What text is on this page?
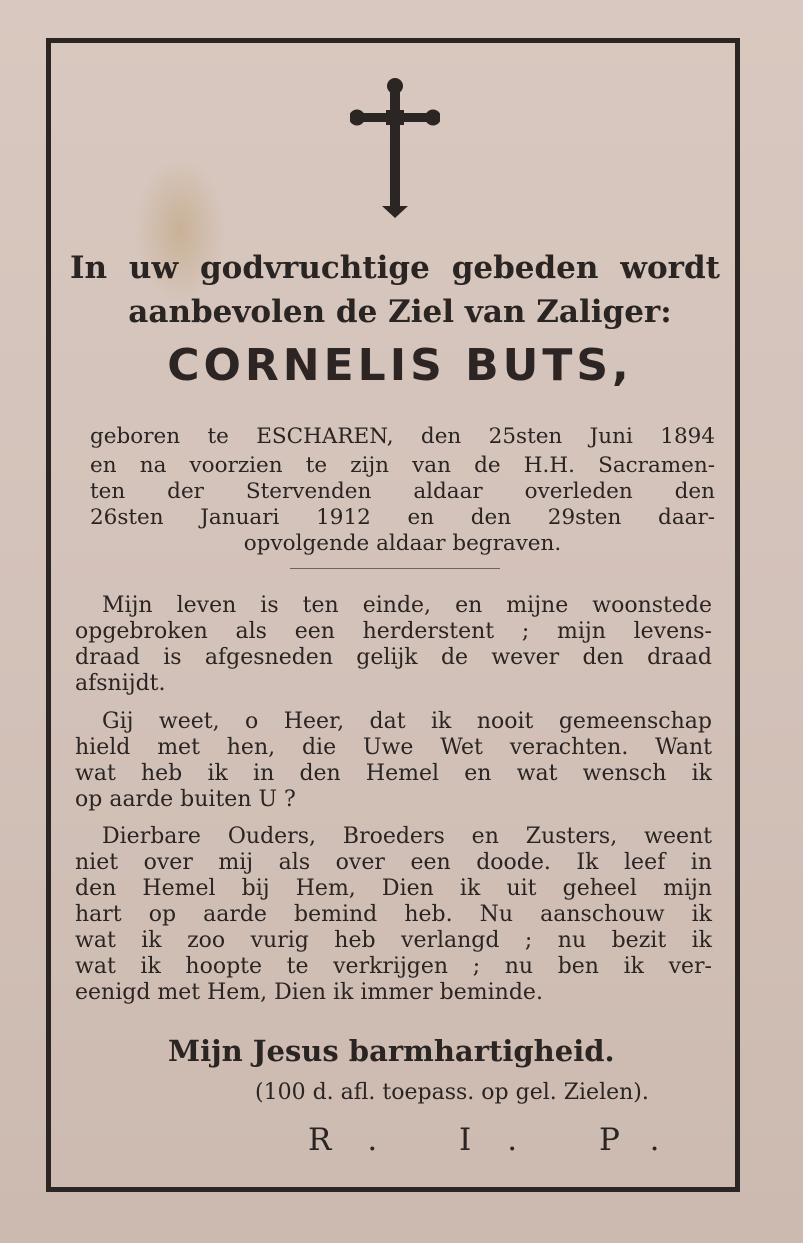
In uw godvruchtige gebeden wordt
aanbevolen de Ziel van Zaliger:
CORNELIS BUTS,
geboren te ESCHAREN, den 25sten Juni 1894
en na voorzien te zijn van de H.H. Sacramen-
ten der Stervenden aldaar overleden den
26sten Januari 1912 en den 29sten daar-
opvolgende aldaar begraven.
Mijn leven is ten einde, en mijne woonstede
opgebroken als een herderstent ; mijn levens-
draad is afgesneden gelijk de wever den draad
afsnijdt.
Gij weet, o Heer, dat ik nooit gemeenschap
hield met hen, die Uwe Wet verachten. Want
wat heb ik in den Hemel en wat wensch ik
op aarde buiten U ?
Dierbare Ouders, Broeders en Zusters, weent
niet over mij als over een doode. Ik leef in
den Hemel bij Hem, Dien ik uit geheel mijn
hart op aarde bemind heb. Nu aanschouw ik
wat ik zoo vurig heb verlangd ; nu bezit ik
wat ik hoopte te verkrijgen ; nu ben ik ver-
eenigd met Hem, Dien ik immer beminde.
Mijn Jesus barmhartigheid.
(100 d. afl. toepass. op gel. Zielen).
R. I. P.
